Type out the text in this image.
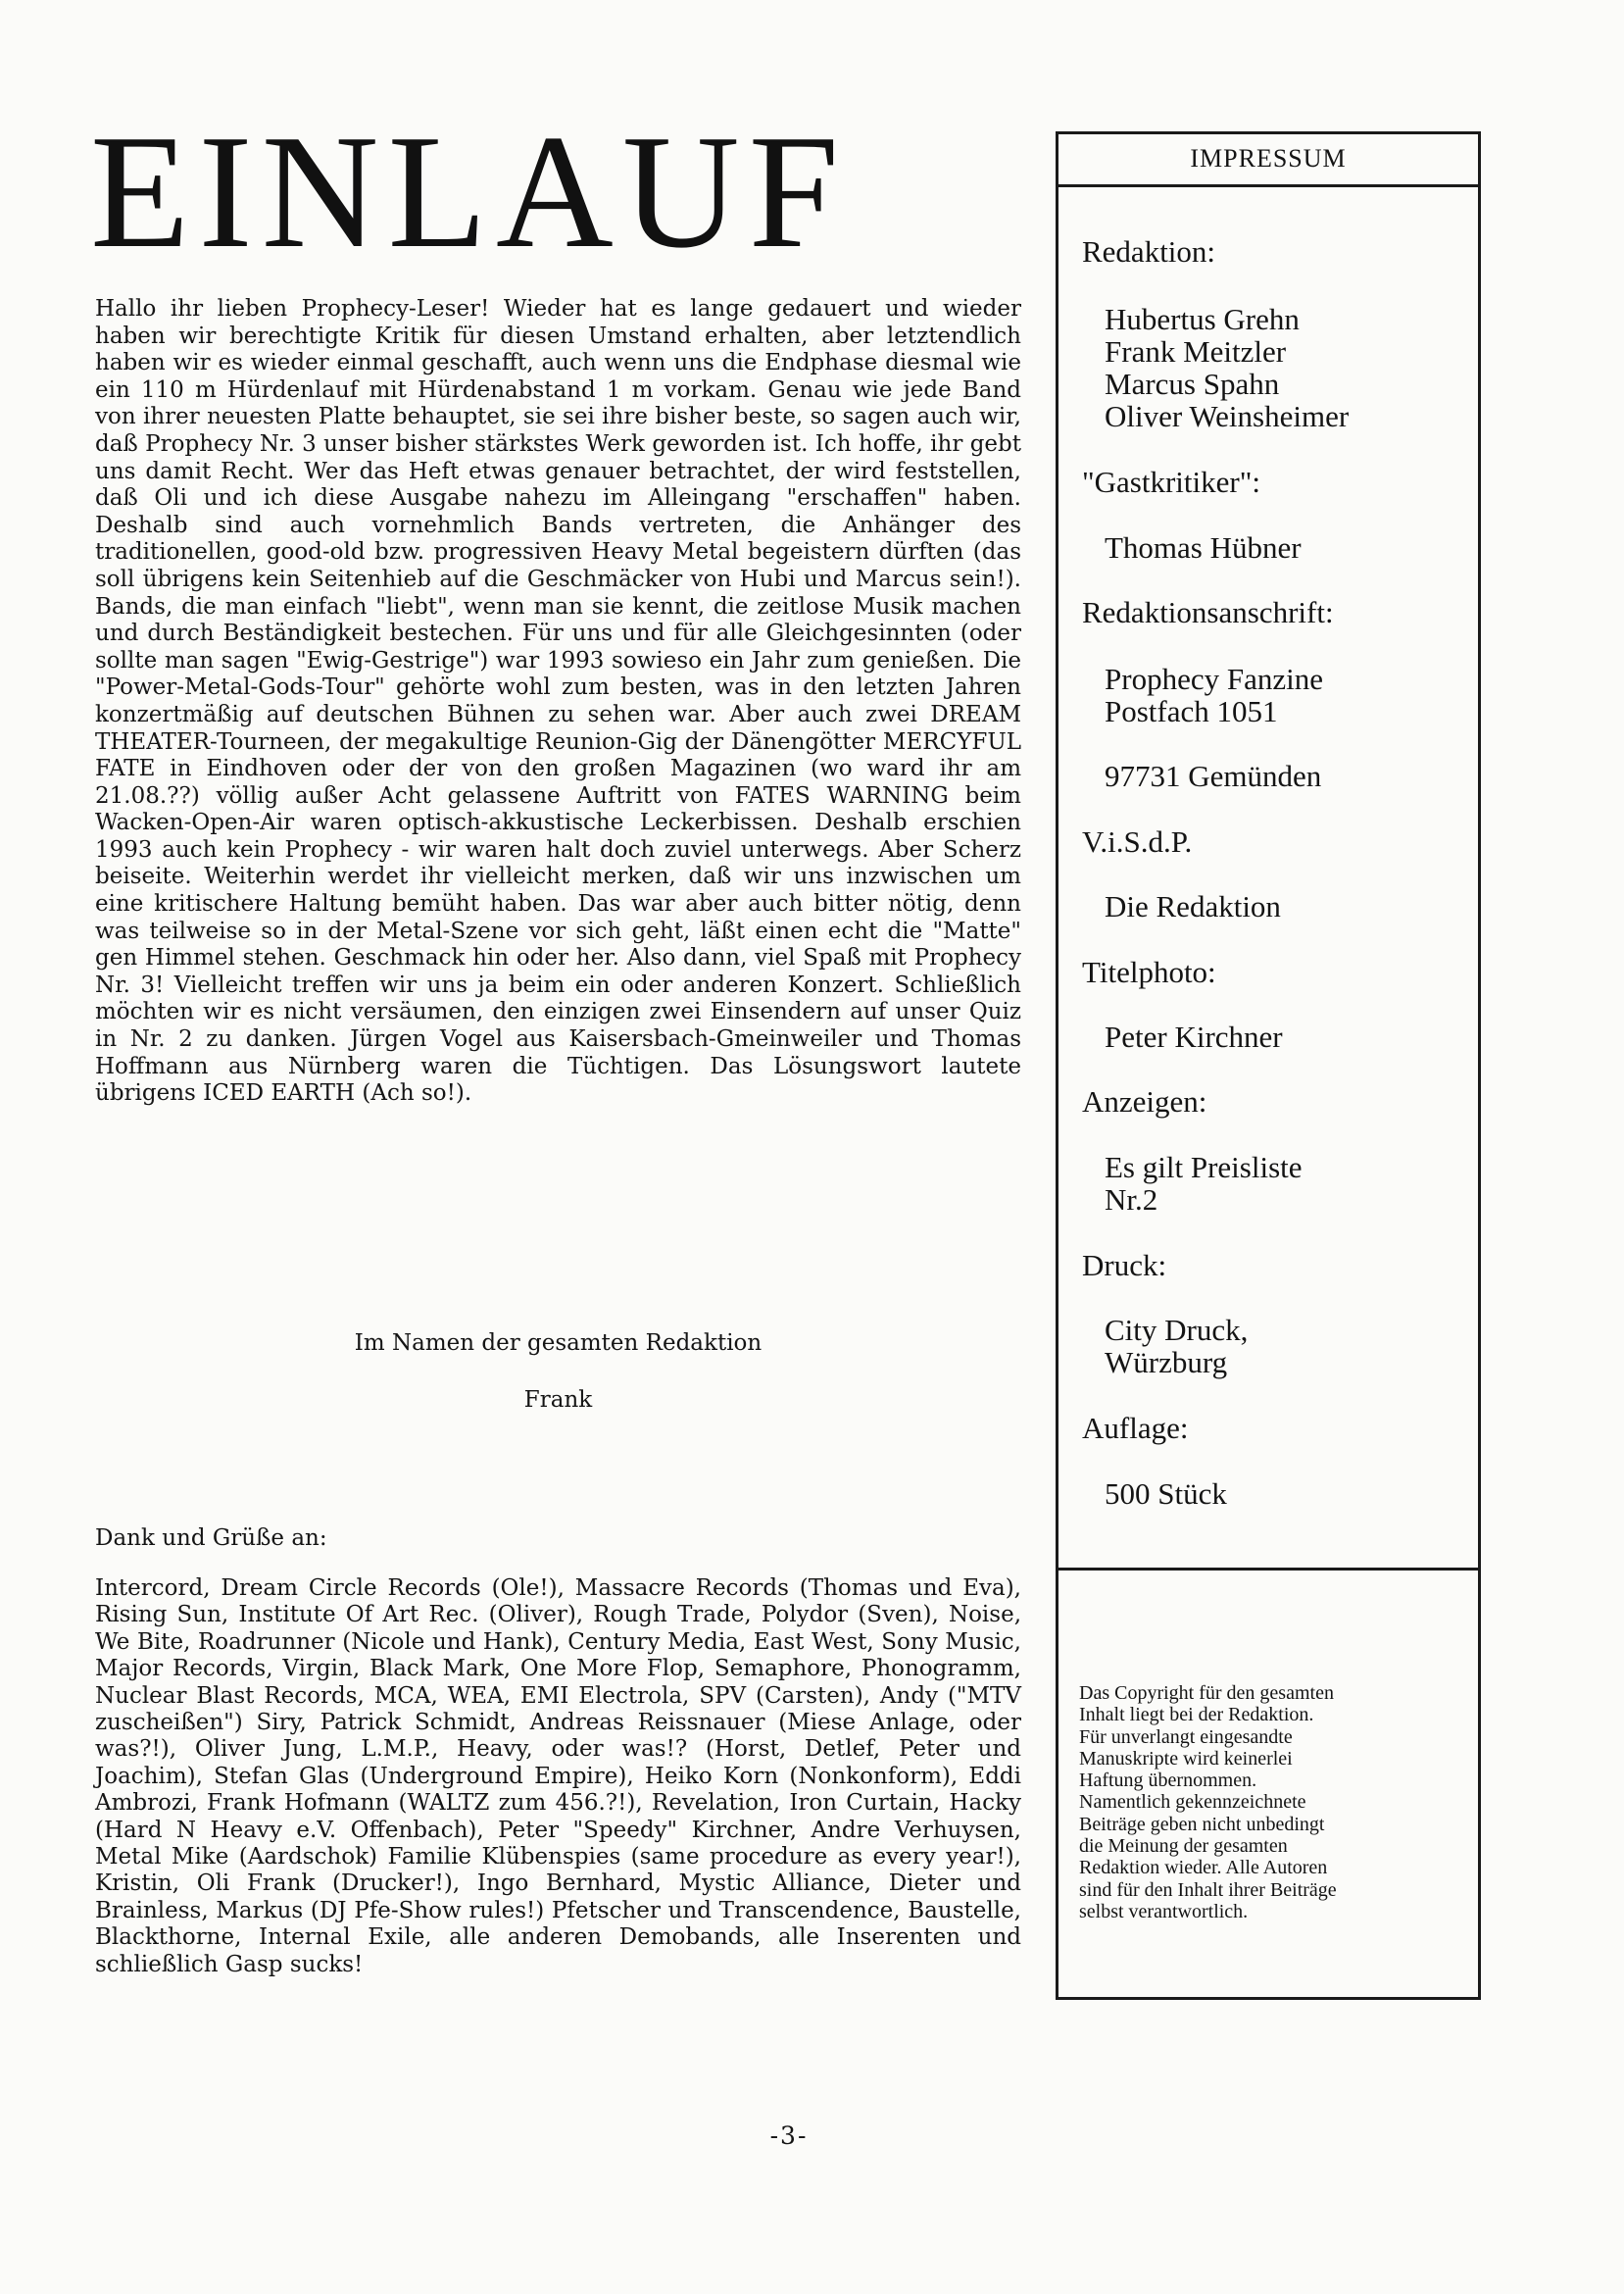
EINLAUF

Hallo ihr lieben Prophecy-Leser! Wieder hat es lange gedauert und wieder haben wir berechtigte Kritik für diesen Umstand erhalten, aber letztendlich haben wir es wieder einmal geschafft, auch wenn uns die Endphase diesmal wie ein 110 m Hürdenlauf mit Hürdenabstand 1 m vorkam. Genau wie jede Band von ihrer neuesten Platte behauptet, sie sei ihre bisher beste, so sagen auch wir, daß Prophecy Nr. 3 unser bisher stärkstes Werk geworden ist. Ich hoffe, ihr gebt uns damit Recht. Wer das Heft etwas genauer betrachtet, der wird feststellen, daß Oli und ich diese Ausgabe nahezu im Alleingang "erschaffen" haben. Deshalb sind auch vornehmlich Bands vertreten, die Anhänger des traditionellen, good-old bzw. progressiven Heavy Metal begeistern dürften (das soll übrigens kein Seitenhieb auf die Geschmäcker von Hubi und Marcus sein!). Bands, die man einfach "liebt", wenn man sie kennt, die zeitlose Musik machen und durch Beständigkeit bestechen. Für uns und für alle Gleichgesinnten (oder sollte man sagen "Ewig-Gestrige") war 1993 sowieso ein Jahr zum genießen. Die "Power-Metal-Gods-Tour" gehörte wohl zum besten, was in den letzten Jahren konzertmäßig auf deutschen Bühnen zu sehen war. Aber auch zwei DREAM THEATER-Tourneen, der megakultige Reunion-Gig der Dänengötter MERCYFUL FATE in Eindhoven oder der von den großen Magazinen (wo ward ihr am 21.08.??) völlig außer Acht gelassene Auftritt von FATES WARNING beim Wacken-Open-Air waren optisch-akkustische Leckerbissen. Deshalb erschien 1993 auch kein Prophecy - wir waren halt doch zuviel unterwegs. Aber Scherz beiseite. Weiterhin werdet ihr vielleicht merken, daß wir uns inzwischen um eine kritischere Haltung bemüht haben. Das war aber auch bitter nötig, denn was teilweise so in der Metal-Szene vor sich geht, läßt einen echt die "Matte" gen Himmel stehen. Geschmack hin oder her. Also dann, viel Spaß mit Prophecy Nr. 3! Vielleicht treffen wir uns ja beim ein oder anderen Konzert. Schließlich möchten wir es nicht versäumen, den einzigen zwei Einsendern auf unser Quiz in Nr. 2 zu danken. Jürgen Vogel aus Kaisersbach-Gmeinweiler und Thomas Hoffmann aus Nürnberg waren die Tüchtigen. Das Lösungswort lautete übrigens ICED EARTH (Ach so!).

Im Namen der gesamten Redaktion
Frank
Dank und Grüße an:
Intercord, Dream Circle Records (Ole!), Massacre Records (Thomas und Eva), Rising Sun, Institute Of Art Rec. (Oliver), Rough Trade, Polydor (Sven), Noise, We Bite, Roadrunner (Nicole und Hank), Century Media, East West, Sony Music, Major Records, Virgin, Black Mark, One More Flop, Semaphore, Phonogramm, Nuclear Blast Records, MCA, WEA, EMI Electrola, SPV (Carsten), Andy ("MTV zuscheißen") Siry, Patrick Schmidt, Andreas Reissnauer (Miese Anlage, oder was?!), Oliver Jung, L.M.P., Heavy, oder was!? (Horst, Detlef, Peter und Joachim), Stefan Glas (Underground Empire), Heiko Korn (Nonkonform), Eddi Ambrozi, Frank Hofmann (WALTZ zum 456.?!), Revelation, Iron Curtain, Hacky (Hard N Heavy e.V. Offenbach), Peter "Speedy" Kirchner, Andre Verhuysen, Metal Mike (Aardschok) Familie Klübenspies (same procedure as every year!), Kristin, Oli Frank (Drucker!), Ingo Bernhard, Mystic Alliance, Dieter und Brainless, Markus (DJ Pfe-Show rules!) Pfetscher und Transcendence, Baustelle, Blackthorne, Internal Exile, alle anderen Demobands, alle Inserenten und schließlich Gasp sucks!
-3-
IMPRESSUM
Redaktion:
Hubertus Grehn
Frank Meitzler
Marcus Spahn
Oliver Weinsheimer
"Gastkritiker":
Thomas Hübner
Redaktionsanschrift:
Prophecy Fanzine
Postfach 1051
97731 Gemünden
V.i.S.d.P.
Die Redaktion
Titelphoto:
Peter Kirchner
Anzeigen:
Es gilt Preisliste
Nr.2
Druck:
City Druck,
Würzburg
Auflage:
500 Stück
Das Copyright für den gesamten
Inhalt liegt bei der Redaktion.
Für unverlangt eingesandte
Manuskripte wird keinerlei
Haftung übernommen.
Namentlich gekennzeichnete
Beiträge geben nicht unbedingt
die Meinung der gesamten
Redaktion wieder. Alle Autoren
sind für den Inhalt ihrer Beiträge
selbst verantwortlich.
